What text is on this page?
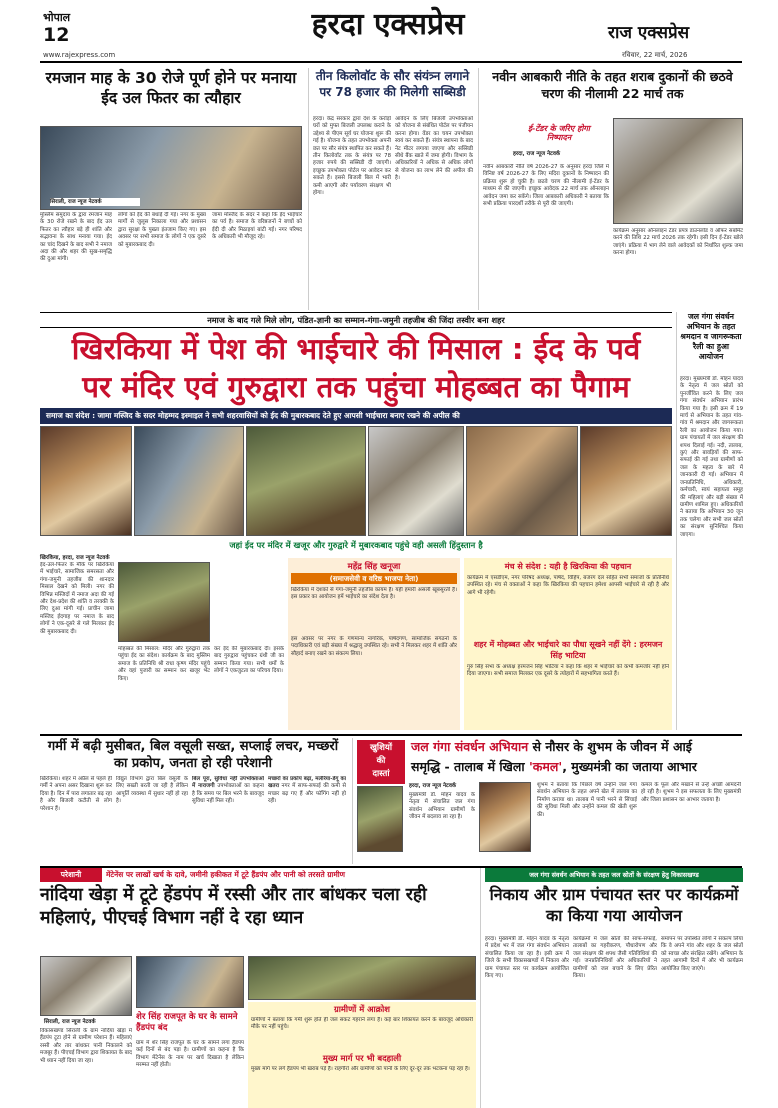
भोपाल
12	हरदा एक्सप्रेस	राज एक्सप्रेस
www.rajexpress.com	रविवार, 22 मार्च, 2026
रमजान माह के 30 रोजे पूर्ण होने पर मनाया ईद उल फितर का त्यौहार
सिराली, राज न्यूज नेटवर्क
मुस्लिम समुदाय के द्वारा रमजान माह के 30 रोजे रखने के बाद ईद उल फितर का त्यौहार बड़े ही शांति और सद्भावना के साथ मनाया गया। ईद का चांद दिखने के बाद सभी ने नमाज अदा की और शहर की सुख-समृद्धि की दुआ मांगी।
लोगों को ईद की बधाई दी गई। नगर के मुख्य मार्गों से जुलूस निकाला गया और प्रशासन द्वारा सुरक्षा के पुख्ता इंतजाम किए गए। इस अवसर पर सभी समाज के लोगों ने एक दूसरे को मुबारकबाद दी।
जामा मस्जिद के सदर ने कहा कि ईद भाईचारे का पर्व है। समाज के वरिष्ठजनों ने बच्चों को ईदी दी और मिठाइयां बांटी गईं। नगर परिषद के अधिकारी भी मौजूद रहे।
तीन किलोवॉट के सौर संयंत्र्न लगाने पर 78 हजार की मिलेगी सब्सिडी
हरदा। केंद्र सरकार द्वारा देश के करोड़ों घरों को मुफ्त बिजली उपलब्ध कराने के उद्देश्य से पीएम सूर्य घर योजना शुरू की गई है। योजना के तहत उपभोक्ता अपनी छत पर सौर संयंत्र स्थापित कर सकते हैं। तीन किलोवॉट तक के संयंत्र पर 78 हजार रुपये की सब्सिडी दी जाएगी। इच्छुक उपभोक्ता पोर्टल पर आवेदन कर सकते हैं। इससे बिजली बिल में भारी कमी आएगी और पर्यावरण संरक्षण भी होगा।
आवेदन के लिए बिजली उपभोक्ताओं को योजना से संबंधित पोर्टल पर पंजीयन करना होगा। वेंडर का चयन उपभोक्ता स्वयं कर सकते हैं। संयंत्र स्थापना के बाद नेट मीटर लगाया जाएगा और सब्सिडी सीधे बैंक खाते में जमा होगी। विभाग के अधिकारियों ने अधिक से अधिक लोगों से योजना का लाभ लेने की अपील की है।
नवीन आबकारी नीति के तहत शराब दुकानों की छठवे चरण की नीलामी 22 मार्च तक
ई-टेंडर के जरिए होगा निष्पादन
हरदा, राज न्यूज नेटवर्क
नवीन आबकारी नीति वर्ष 2026-27 के अनुसार हरदा जिले में विनिष्ट वर्ष 2026-27 के लिए मदिरा दुकानों के निष्पादन की प्रक्रिया शुरू हो चुकी है। छठवे चरण की नीलामी ई-टेंडर के माध्यम से की जाएगी। इच्छुक आवेदक 22 मार्च तक ऑनलाइन आवेदन जमा कर सकेंगे। जिला आबकारी अधिकारी ने बताया कि सभी प्रक्रिया पारदर्शी तरीके से पूरी की जाएगी।
कार्यक्रम अनुसार ऑनलाइन टेंडर प्रपत्र डाउनलोड व ऑफर सबमिट करने की तिथि 22 मार्च 2026 तक रहेगी। इसी दिन ई-टेंडर खोले जाएंगे। प्रक्रिया में भाग लेने वाले आवेदकों को निर्धारित शुल्क जमा करना होगा।
नमाज के बाद गले मिले लोग, पंडित-ज्ञानी का सम्मान-गंगा-जमुनी तहजीब की जिंदा तस्वीर बना शहर
खिरकिया में पेश की भाईचारे की मिसाल : ईद के पर्व
पर मंदिर एवं गुरुद्वारा तक पहुंचा मोहब्बत का पैगाम
समाज का संदेश : जामा मस्जिद के सदर मोहम्मद इस्माइल ने सभी शहरवासियों को ईद की मुबारकबाद देते हुए आपसी भाईचारा बनाए रखने की अपील की
जहां ईद पर मंदिर में खजूर और गुरुद्वारे में मुबारकबाद पहुंचे वही असली हिंदुस्तान है
खिरकिया, हरदा, राज न्यूज नेटवर्क
ईद-उल-फितर के मौके पर खिरकिया में भाईचारे, सामाजिक समरसता और गंगा-जमुनी तहजीब की शानदार मिसाल देखने को मिली। नगर की विभिन्न मस्जिदों में नमाज अदा की गई और देश-प्रदेश की शांति व तरक्की के लिए दुआ मांगी गई। प्राचीन जामा मस्जिद ईदगाह पर नमाज के बाद लोगों ने एक-दूसरे से गले मिलकर ईद की मुबारकबाद दी।
मोहब्बत की मिसाल: मंदिर और गुरुद्वारा तक पहुंचा ईद का संदेश। कार्यक्रम के बाद मुस्लिम समाज के प्रतिनिधि श्री राधा कृष्ण मंदिर पहुंचे और वहां पुजारी का सम्मान कर खजूर भेंट किए।
कर ईद की मुबारकबाद दी। इसके बाद गुरुद्वारा पहुंचकर ग्रंथी जी का सम्मान किया गया। सभी धर्मों के लोगों ने एकजुटता का परिचय दिया।
महेंद्र सिंह खनूजा
(समाजसेवी व वरिष्ठ भाजपा नेता)
खिरकिया में दशकों से गंगा-जमुनी तहजीब कायम है। यही हमारी असली खूबसूरती है। इस प्रकार का आयोजन हमें भाईचारे का संदेश देता है।
इस अवसर पर नगर के गणमान्य नागरिक, पार्षदगण, सामाजिक संगठनों के पदाधिकारी एवं बड़ी संख्या में श्रद्धालु उपस्थित रहे। सभी ने मिलकर शहर में शांति और सौहार्द बनाए रखने का संकल्प लिया।
मंच से संदेश : यही है खिरकिया की पहचान
कार्यक्रम में एसडीएम, नगर परिषद अध्यक्ष, पार्षद, विहिप, बजरंग दल सहित सभी समाजों के प्रतिनिधि उपस्थित रहे। मंच से वक्ताओं ने कहा कि खिरकिया की पहचान हमेशा आपसी भाईचारे से रही है और आगे भी रहेगी।
शहर में मोहब्बत और भाईचारे का पौधा सूखने नहीं देंगे : हरमजन सिंह भाटिया
गुरु सिंह सभा के अध्यक्ष हरमजन सिंह भाटिया ने कहा कि शहर में भाईचारे को कभी कमजोर नहीं होने दिया जाएगा। सभी समाज मिलकर एक दूसरे के त्योहारों में सहभागिता करते हैं।
जल गंगा संवर्धन अभियान के तहत श्रमदान व जागरूकता रैली का हुआ आयोजन
हरदा। मुख्यमंत्री डॉ. मोहन यादव के नेतृत्व में जल स्रोतों को पुनर्जीवित करने के लिए जल गंगा संवर्धन अभियान प्रारंभ किया गया है। इसी क्रम में 19 मार्च से अभियान के तहत गांव-गांव में श्रमदान और जागरूकता रैली का आयोजन किया गया। ग्राम पंचायतों में जल संरक्षण की शपथ दिलाई गई। नदी, तालाब, कुएं और बावड़ियों की साफ-सफाई की गई तथा ग्रामीणों को जल के महत्व के बारे में जानकारी दी गई। अभियान में जनप्रतिनिधि, अधिकारी, कर्मचारी, स्वयं सहायता समूह की महिलाएं और बड़ी संख्या में ग्रामीण शामिल हुए। अधिकारियों ने बताया कि अभियान 30 जून तक चलेगा और सभी जल स्रोतों का संरक्षण सुनिश्चित किया जाएगा।
गर्मी में बढ़ी मुसीबत, बिल वसूली सख्त, सप्लाई लचर, मच्छरों का प्रकोप, जनता हो रही परेशानी
खिरकिया। शहर में अप्रैल से पहले ही गर्मी ने अपना असर दिखाना शुरू कर दिया है। दिन में पारा लगातार बढ़ रहा है और बिजली कटौती से लोग परेशान हैं।
विद्युत विभाग द्वारा बिल वसूली के लिए सख्ती बरती जा रही है लेकिन आपूर्ति व्यवस्था में सुधार नहीं हो रहा है।
बिल पूरा, सुविधा नहीं उपभोक्ताओं में नाराजगी उपभोक्ताओं का कहना है कि समय पर बिल भरने के बावजूद सुविधा नहीं मिल रही।
मच्छरों का प्रकोप बढ़ा, मलेरिया-डेंगू का खतरा नगर में साफ-सफाई की कमी से मच्छर बढ़ गए हैं और फॉगिंग नहीं हो रही।
खुशियों
की
दास्तां
जल गंगा संवर्धन अभियान से नौसर के शुभम के जीवन में आई
समृद्धि - तालाब में खिला 'कमल', मुख्यमंत्री का जताया आभार
हरदा, राज न्यूज नेटवर्क
मुख्यमंत्री डॉ. मोहन यादव के नेतृत्व में संचालित जल गंगा संवर्धन अभियान ग्रामीणों के जीवन में बदलाव ला रहा है।
शुभम ने बताया कि पिछले वर्ष उन्होंने जल गंगा संवर्धन अभियान के तहत अपने खेत में तालाब का निर्माण कराया था। तालाब में पानी भरने से सिंचाई की सुविधा मिली और उन्होंने कमल की खेती शुरू की।
कमल के फूल और मखाने से उन्हें अच्छी आमदनी हो रही है। शुभम ने इस सफलता के लिए मुख्यमंत्री और जिला प्रशासन का आभार जताया है।
परेशानी	मेंटेनेंस पर लाखों खर्च के दावे, जमीनी हकीकत में टूटे हैंडपंप और पानी को तरसते ग्रामीण
नांदिया खेड़ा में टूटे हेंडपंप में रस्सी और तार बांधकर चला रही महिलाएं, पीएचई विभाग नहीं दे रहा ध्यान
सिराली, राज न्यूज नेटवर्क
विकासखण्ड सिराली के ग्राम नांदिया खेड़ा में हैंडपंप टूटा होने से ग्रामीण परेशान हैं। महिलाएं रस्सी और तार बांधकर पानी निकालने को मजबूर हैं। पीएचई विभाग द्वारा शिकायत के बाद भी ध्यान नहीं दिया जा रहा।
शेर सिंह राजपूत के घर के सामने हैंडपंप बंद
ग्राम में शेर सिंह राजपूत के घर के सामने लगा हैंडपंप कई दिनों से बंद पड़ा है। ग्रामीणों का कहना है कि विभाग मेंटेनेंस के नाम पर खर्च दिखाता है लेकिन मरम्मत नहीं होती।
ग्रामीणों में आक्रोश
ग्रामीणों ने बताया कि गर्मी शुरू होते ही जल संकट गहराने लगा है। कई बार शिकायत करने के बावजूद अधिकारी मौके पर नहीं पहुंचे।
मुख्य मार्ग पर भी बदहाली
मुख्य मार्ग पर लगे हैंडपंप भी खराब पड़े हैं। राहगीरों और ग्रामीणों को पानी के लिए दूर-दूर तक भटकना पड़ रहा है।
जल गंगा संवर्धन अभियान के तहत जल स्रोतों के संरक्षण हेतु विकासखण्ड
निकाय और ग्राम पंचायत स्तर पर कार्यक्रमों का किया गया आयोजन
हरदा। मुख्यमंत्री डॉ. मोहन यादव के नेतृत्व में प्रदेश भर में जल गंगा संवर्धन अभियान संचालित किया जा रहा है। इसी क्रम में जिले के सभी विकासखण्डों में निकाय और ग्राम पंचायत स्तर पर कार्यक्रम आयोजित किए गए।
कार्यक्रमों में जल स्रोतों की साफ-सफाई, तालाबों का गहरीकरण, पौधारोपण और जल संरक्षण की शपथ जैसी गतिविधियां की गईं। जनप्रतिनिधियों और अधिकारियों ने ग्रामीणों को जल बचाने के लिए प्रेरित किया।
समापन पर उपस्थित लोगों ने संकल्प लिया कि वे अपने गांव और शहर के जल स्रोतों को स्वच्छ और संरक्षित रखेंगे। अभियान के तहत आगामी दिनों में और भी कार्यक्रम आयोजित किए जाएंगे।
